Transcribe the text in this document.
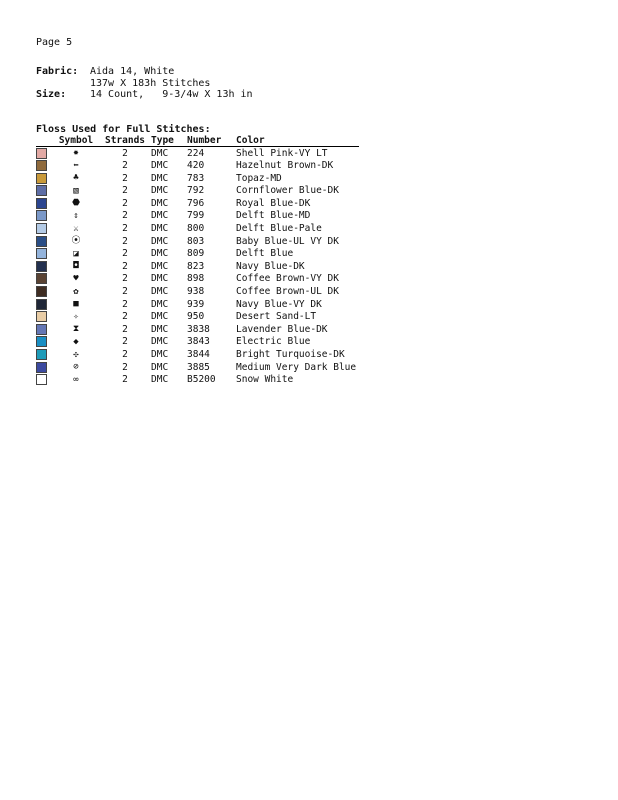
Page 5
Fabric: Aida 14, White
137w X 183h Stitches
Size: 14 Count,   9-3/4w X 13h in
Floss Used for Full Stitches:
	Symbol	Strands	Type	Number	Color
	✸	2	DMC	224	Shell Pink-VY LT
	⬅	2	DMC	420	Hazelnut Brown-DK
	♣	2	DMC	783	Topaz-MD
	▧	2	DMC	792	Cornflower Blue-DK
	⬣	2	DMC	796	Royal Blue-DK
	⇕	2	DMC	799	Delft Blue-MD
	⚔	2	DMC	800	Delft Blue-Pale
	⦿	2	DMC	803	Baby Blue-UL VY DK
	◪	2	DMC	809	Delft Blue
	◘	2	DMC	823	Navy Blue-DK
	♥	2	DMC	898	Coffee Brown-VY DK
	✿	2	DMC	938	Coffee Brown-UL DK
	■	2	DMC	939	Navy Blue-VY DK
	✧	2	DMC	950	Desert Sand-LT
	⧗	2	DMC	3838	Lavender Blue-DK
	◆	2	DMC	3843	Electric Blue
	✣	2	DMC	3844	Bright Turquoise-DK
	⊘	2	DMC	3885	Medium Very Dark Blue
	∞	2	DMC	B5200	Snow White
